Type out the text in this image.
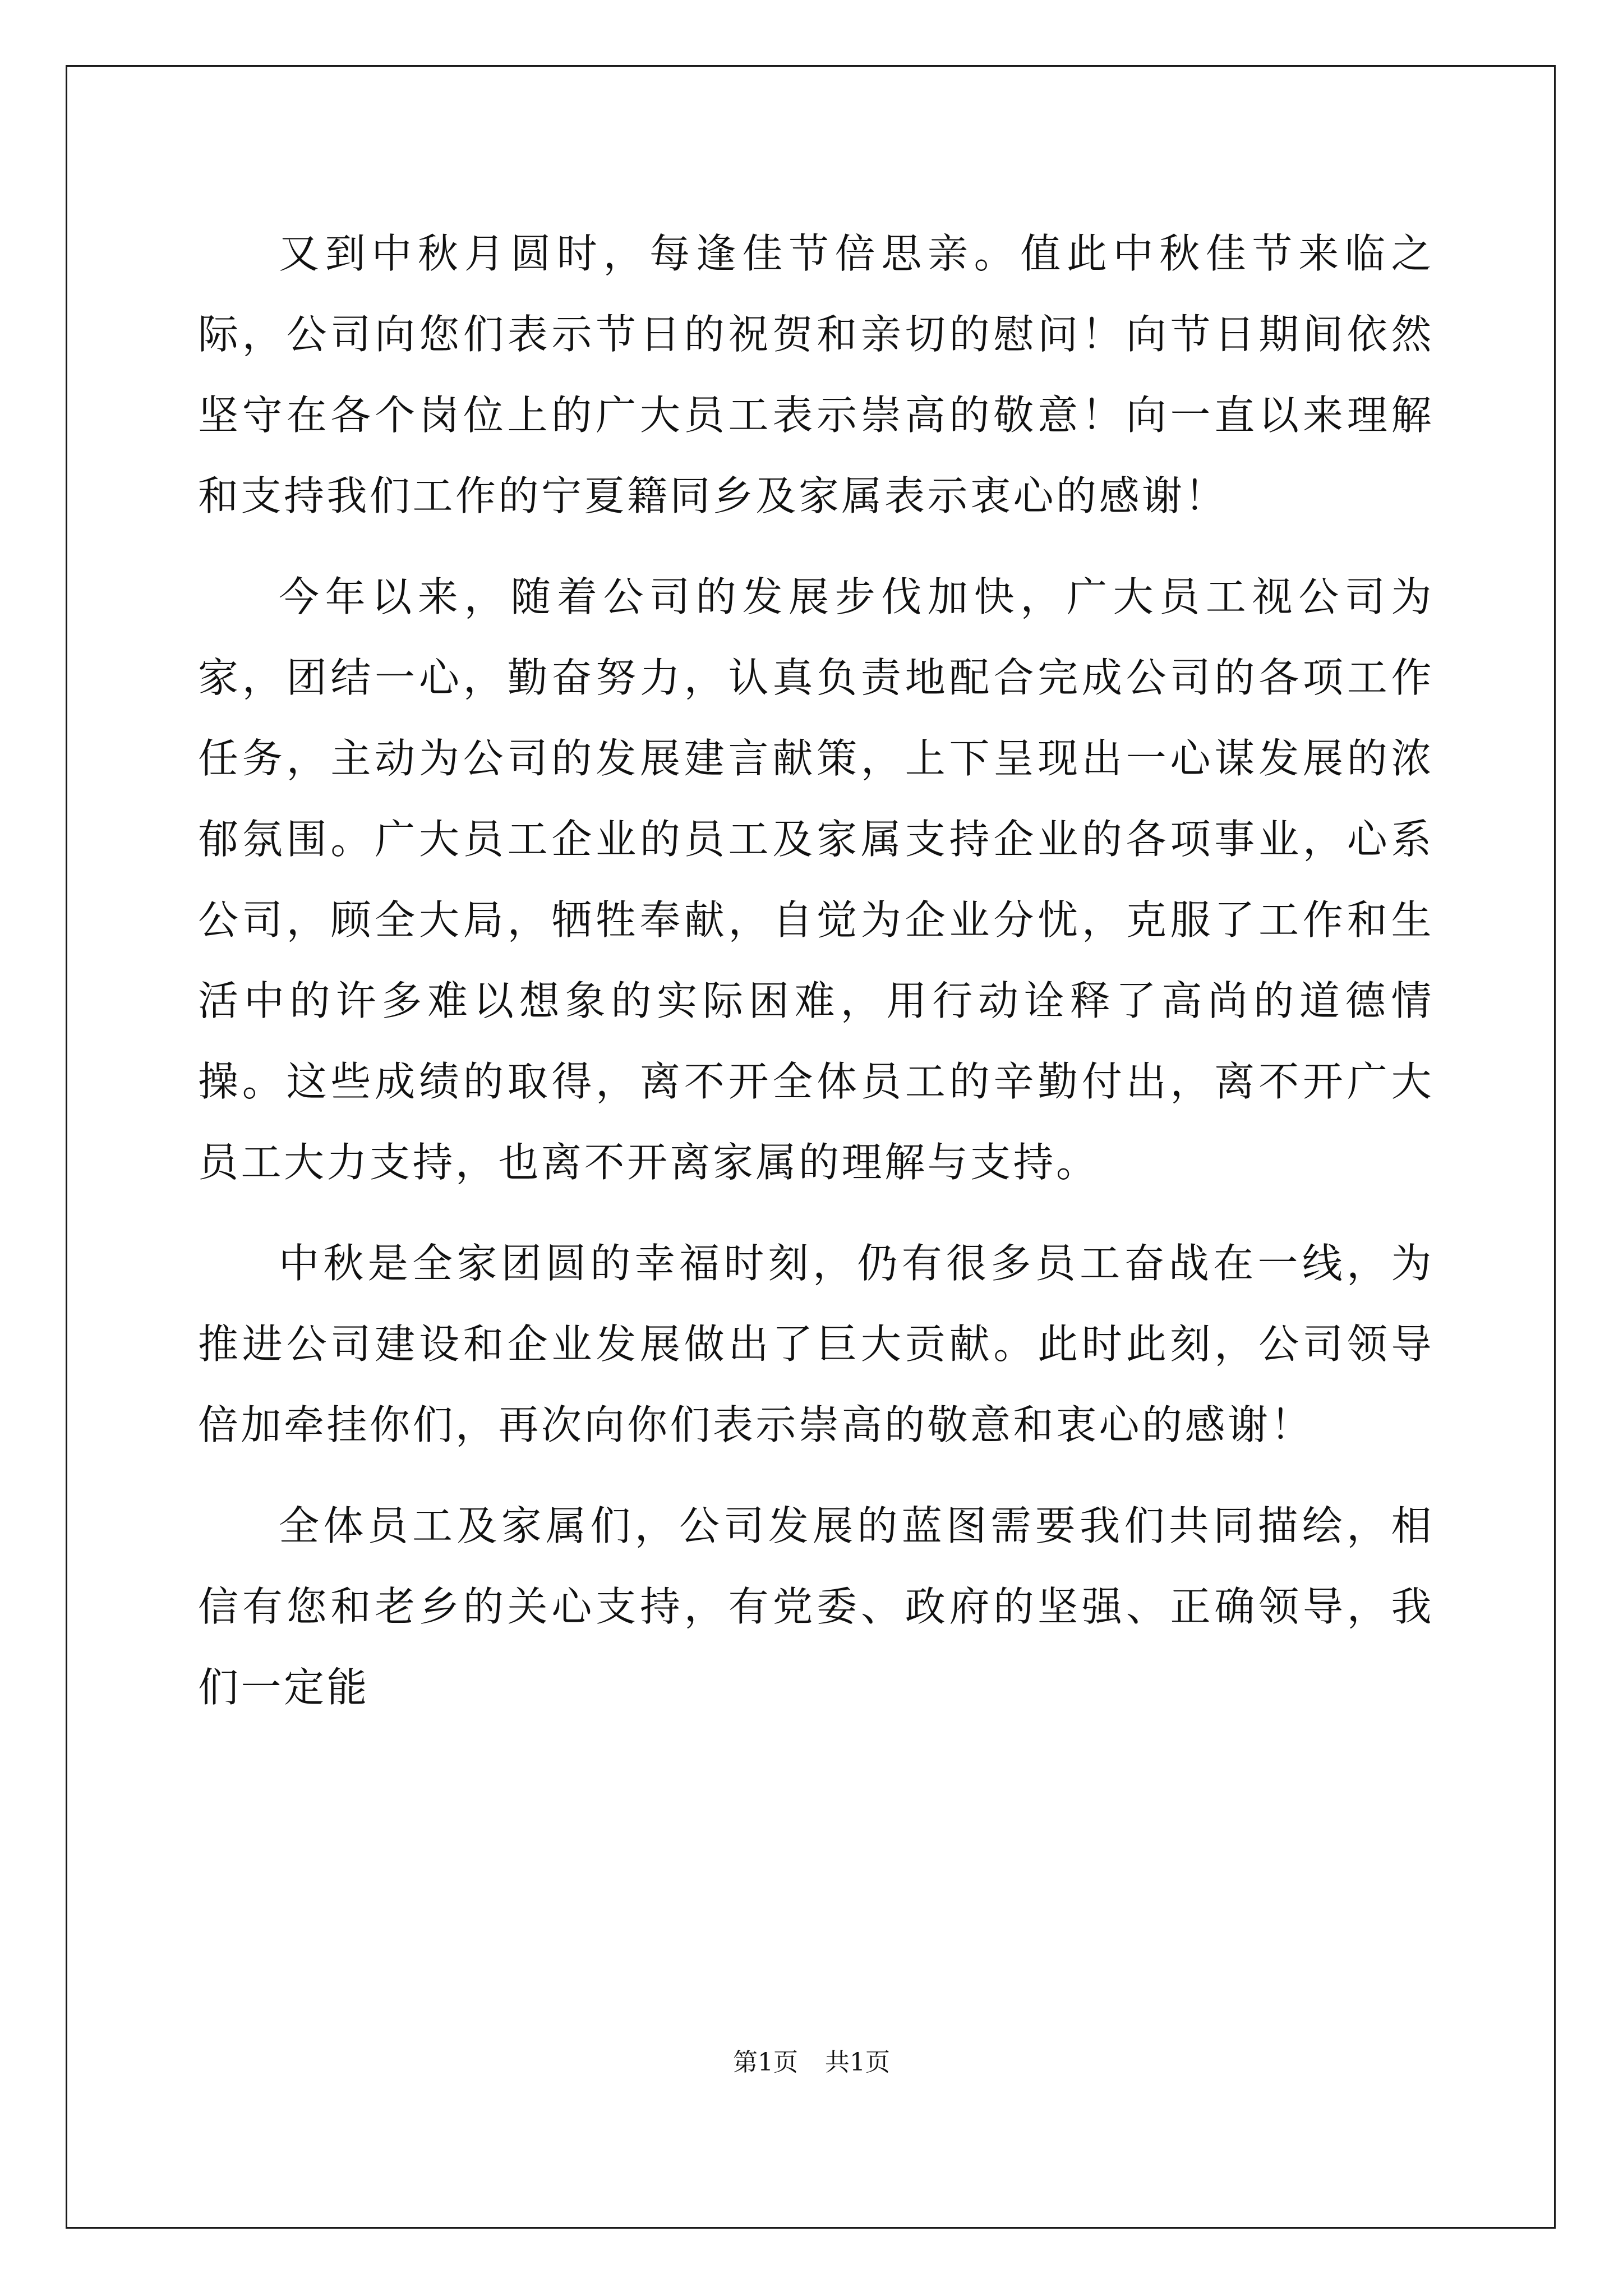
又到中秋月圆时，每逢佳节倍思亲。值此中秋佳节来临之际，公司向您们表示节日的祝贺和亲切的慰问！向节日期间依然坚守在各个岗位上的广大员工表示崇高的敬意！向一直以来理解和支持我们工作的宁夏籍同乡及家属表示衷心的感谢！

今年以来，随着公司的发展步伐加快，广大员工视公司为家，团结一心，勤奋努力，认真负责地配合完成公司的各项工作任务，主动为公司的发展建言献策，上下呈现出一心谋发展的浓郁氛围。广大员工企业的员工及家属支持企业的各项事业，心系公司，顾全大局，牺牲奉献，自觉为企业分忧，克服了工作和生活中的许多难以想象的实际困难，用行动诠释了高尚的道德情操。这些成绩的取得，离不开全体员工的辛勤付出，离不开广大员工大力支持，也离不开离家属的理解与支持。

中秋是全家团圆的幸福时刻，仍有很多员工奋战在一线，为推进公司建设和企业发展做出了巨大贡献。此时此刻，公司领导倍加牵挂你们，再次向你们表示崇高的敬意和衷心的感谢！

全体员工及家属们，公司发展的蓝图需要我们共同描绘，相信有您和老乡的关心支持，有党委、政府的坚强、正确领导，我们一定能

第1页 共1页
